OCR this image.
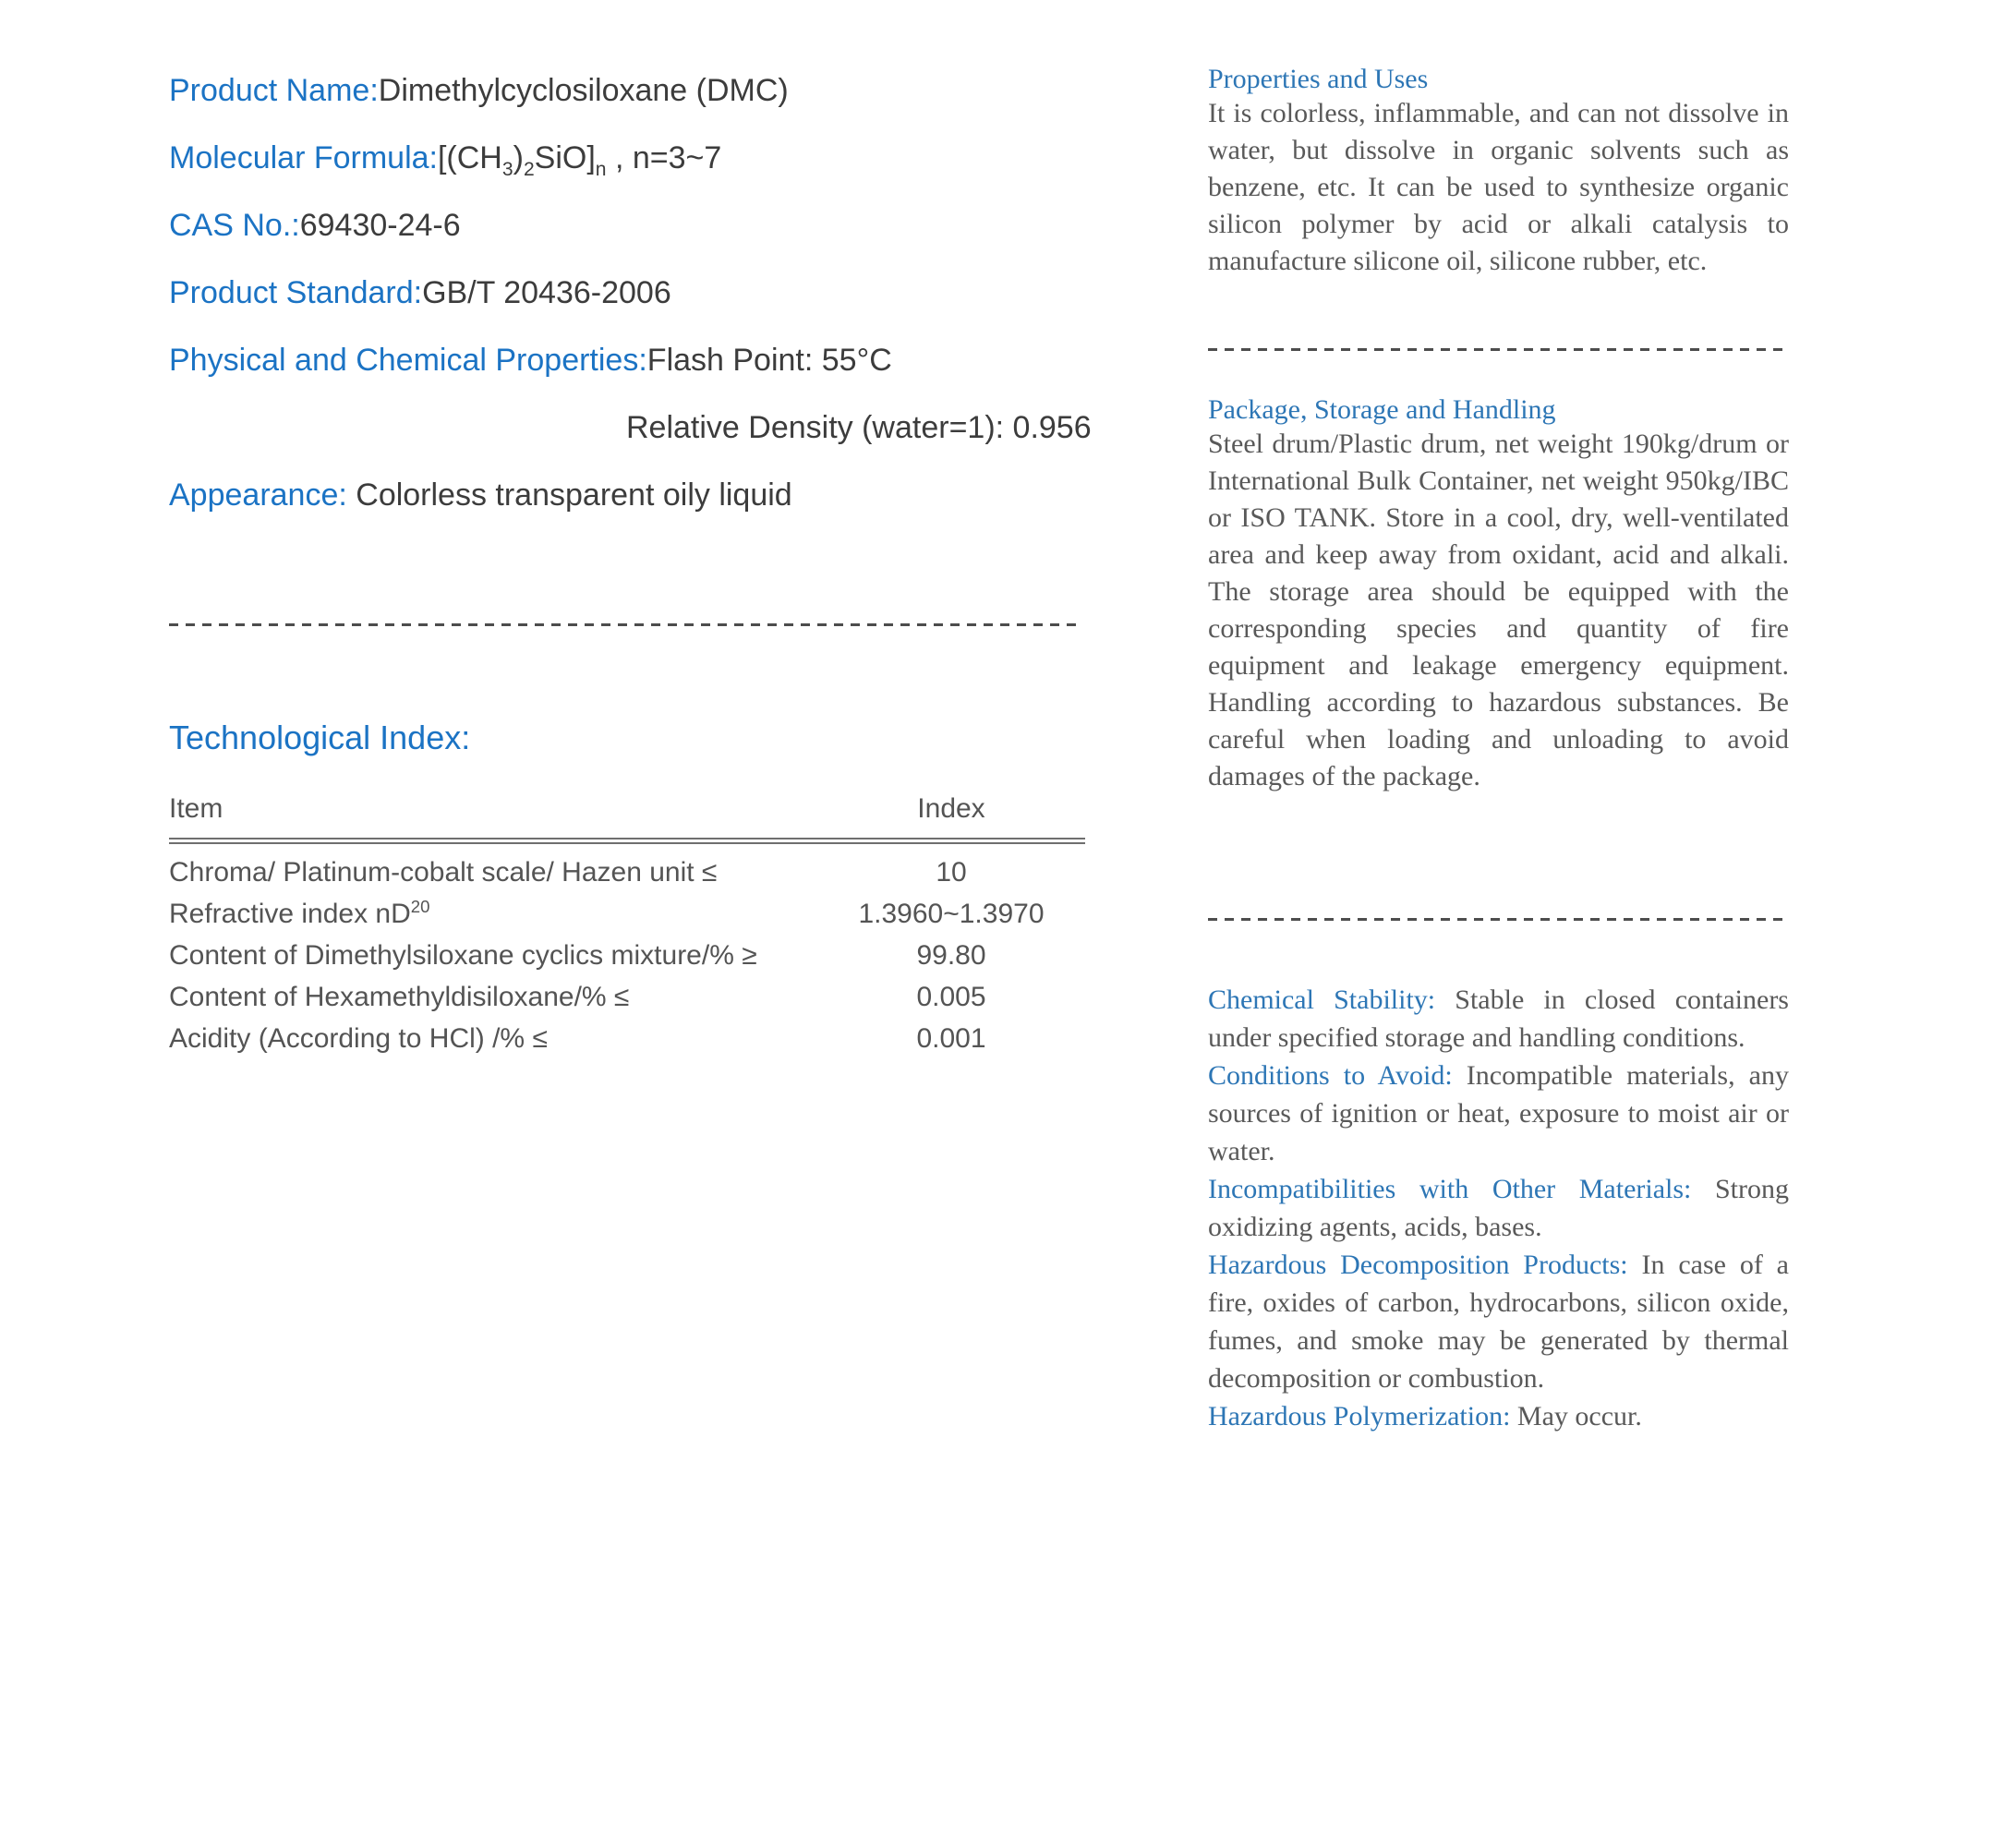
Product Name:Dimethylcyclosiloxane (DMC)

Molecular $Formula:[(CH_3)_2SiO]_n$ , n=3~7

CAS No.:69430-24-6

Product Standard:GB/T 20436-2006

Physical and Chemical Properties:Flash Point: 55°C

Relative Density (water=1): 0.956

Appearance: Colorless transparent oily liquid

Technological Index:
Item	Index
Chroma/ Platinum-cobalt scale/ Hazen unit ≤	10
Refractive index $nD^{20}$	1.3960~1.3970
Content of Dimethylsiloxane cyclics mixture/% ≥	99.80
Content of Hexamethyldisiloxane/% ≤	0.005
Acidity (According to HCl) /% ≤	0.001
Properties and Uses

It is colorless, inflammable, and can not dissolve in water, but dissolve in organic solvents such as benzene, etc. It can be used to synthesize organic silicon polymer by acid or alkali catalysis to manufacture silicone oil, silicone rubber, etc.

Package, Storage and Handling

Steel drum/Plastic drum, net weight 190kg/drum or International Bulk Container, net weight 950kg/IBC or ISO TANK. Store in a cool, dry, well-ventilated area and keep away from oxidant, acid and alkali. The storage area should be equipped with the corresponding species and quantity of fire equipment and leakage emergency equipment. Handling according to hazardous substances. Be careful when loading and unloading to avoid damages of the package.

Chemical Stability: Stable in closed containers under specified storage and handling conditions.

Conditions to Avoid: Incompatible materials, any sources of ignition or heat, exposure to moist air or water.

Incompatibilities with Other Materials: Strong oxidizing agents, acids, bases.

Hazardous Decomposition Products: In case of a fire, oxides of carbon, hydrocarbons, silicon oxide, fumes, and smoke may be generated by thermal decomposition or combustion.

Hazardous Polymerization: May occur.
